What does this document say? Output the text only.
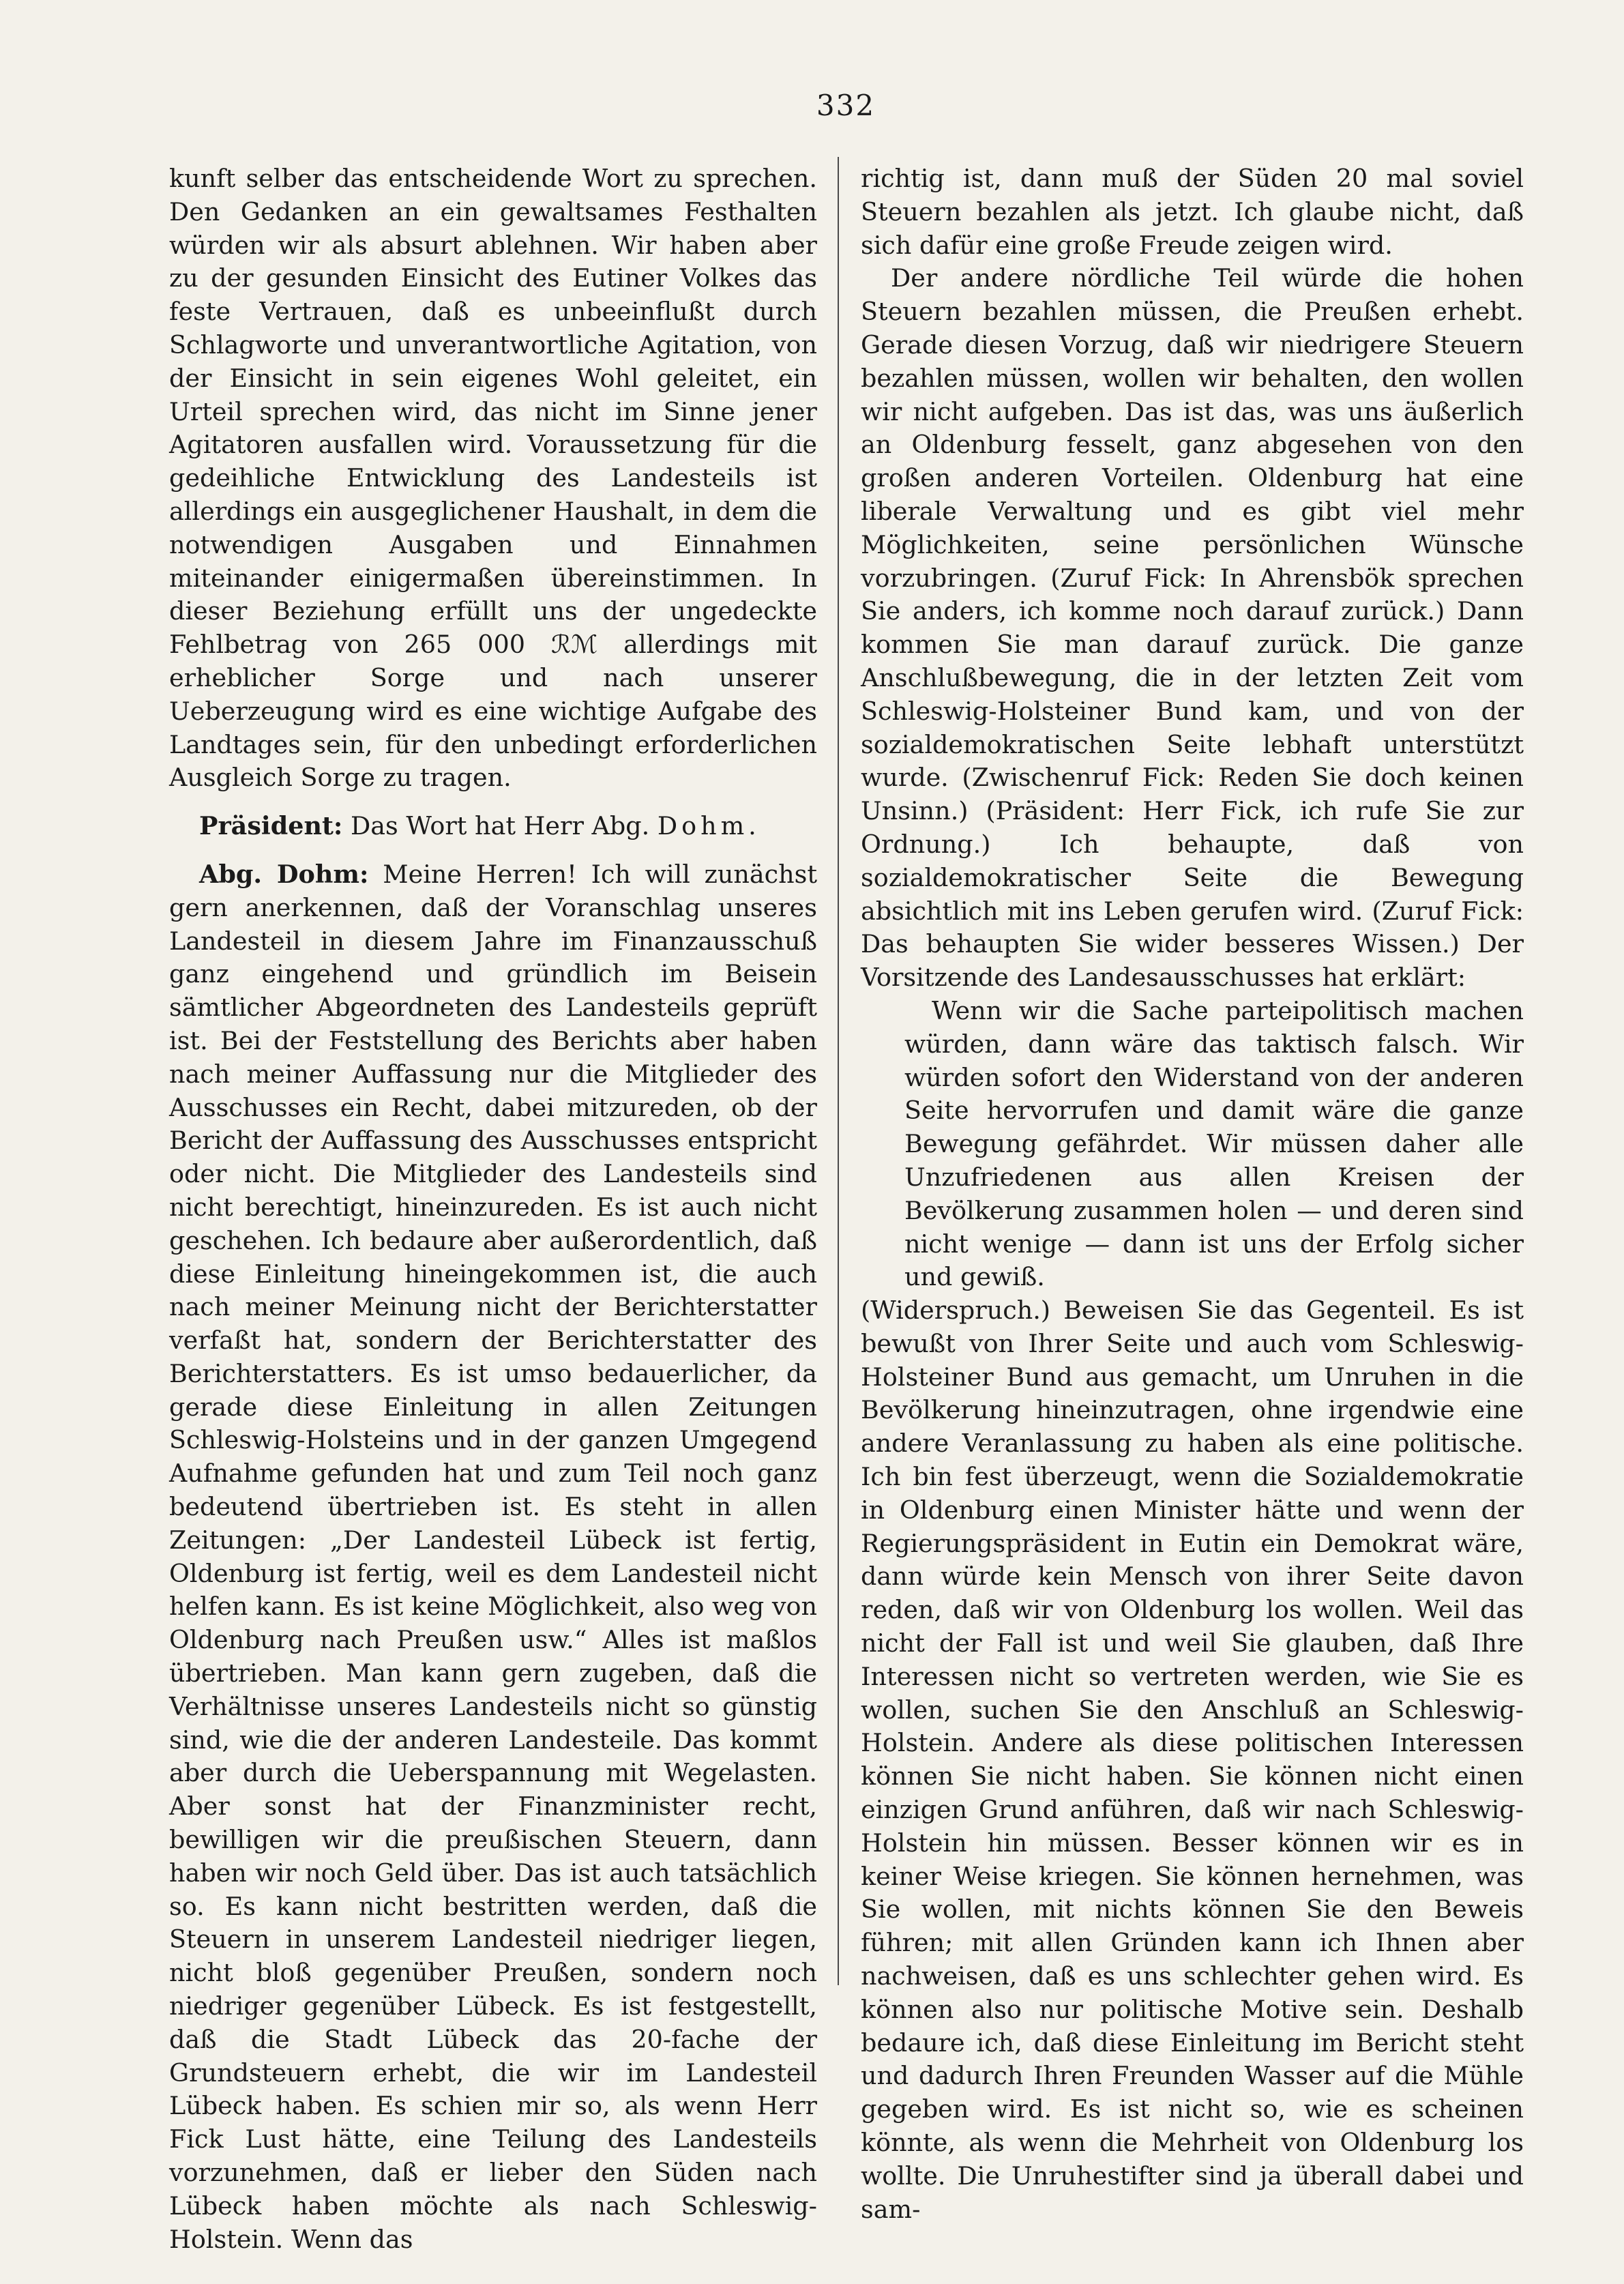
332

kunft selber das entscheidende Wort zu sprechen. Den Gedanken an ein gewaltsames Festhalten würden wir als absurt ablehnen. Wir haben aber zu der gesunden Einsicht des Eutiner Volkes das feste Vertrauen, daß es unbeeinflußt durch Schlagworte und unverantwortliche Agitation, von der Einsicht in sein eigenes Wohl geleitet, ein Urteil sprechen wird, das nicht im Sinne jener Agitatoren ausfallen wird. Voraussetzung für die gedeihliche Entwicklung des Landesteils ist allerdings ein ausgeglichener Haushalt, in dem die notwendigen Ausgaben und Einnahmen miteinander einigermaßen übereinstimmen. In dieser Beziehung erfüllt uns der ungedeckte Fehlbetrag von 265 000 ℛℳ allerdings mit erheblicher Sorge und nach unserer Ueberzeugung wird es eine wichtige Aufgabe des Landtages sein, für den unbedingt erforderlichen Ausgleich Sorge zu tragen.

Präsident: Das Wort hat Herr Abg. Dohm.

Abg. Dohm: Meine Herren! Ich will zunächst gern anerkennen, daß der Voranschlag unseres Landesteil in diesem Jahre im Finanzausschuß ganz eingehend und gründlich im Beisein sämtlicher Abgeordneten des Landesteils geprüft ist. Bei der Feststellung des Berichts aber haben nach meiner Auffassung nur die Mitglieder des Ausschusses ein Recht, dabei mitzureden, ob der Bericht der Auffassung des Ausschusses entspricht oder nicht. Die Mitglieder des Landesteils sind nicht berechtigt, hineinzureden. Es ist auch nicht geschehen. Ich bedaure aber außerordentlich, daß diese Einleitung hineingekommen ist, die auch nach meiner Meinung nicht der Berichterstatter verfaßt hat, sondern der Berichterstatter des Berichterstatters. Es ist umso bedauerlicher, da gerade diese Einleitung in allen Zeitungen Schleswig-Holsteins und in der ganzen Umgegend Aufnahme gefunden hat und zum Teil noch ganz bedeutend übertrieben ist. Es steht in allen Zeitungen: „Der Landesteil Lübeck ist fertig, Oldenburg ist fertig, weil es dem Landesteil nicht helfen kann. Es ist keine Möglichkeit, also weg von Oldenburg nach Preußen usw.“ Alles ist maßlos übertrieben. Man kann gern zugeben, daß die Verhältnisse unseres Landesteils nicht so günstig sind, wie die der anderen Landesteile. Das kommt aber durch die Ueberspannung mit Wegelasten. Aber sonst hat der Finanzminister recht, bewilligen wir die preußischen Steuern, dann haben wir noch Geld über. Das ist auch tatsächlich so. Es kann nicht bestritten werden, daß die Steuern in unserem Landesteil niedriger liegen, nicht bloß gegenüber Preußen, sondern noch niedriger gegenüber Lübeck. Es ist festgestellt, daß die Stadt Lübeck das 20-fache der Grundsteuern erhebt, die wir im Landesteil Lübeck haben. Es schien mir so, als wenn Herr Fick Lust hätte, eine Teilung des Landesteils vorzunehmen, daß er lieber den Süden nach Lübeck haben möchte als nach Schleswig-Holstein. Wenn das

richtig ist, dann muß der Süden 20 mal soviel Steuern bezahlen als jetzt. Ich glaube nicht, daß sich dafür eine große Freude zeigen wird.

Der andere nördliche Teil würde die hohen Steuern bezahlen müssen, die Preußen erhebt. Gerade diesen Vorzug, daß wir niedrigere Steuern bezahlen müssen, wollen wir behalten, den wollen wir nicht aufgeben. Das ist das, was uns äußerlich an Oldenburg fesselt, ganz abgesehen von den großen anderen Vorteilen. Oldenburg hat eine liberale Verwaltung und es gibt viel mehr Möglichkeiten, seine persönlichen Wünsche vorzubringen. (Zuruf Fick: In Ahrensbök sprechen Sie anders, ich komme noch darauf zurück.) Dann kommen Sie man darauf zurück. Die ganze Anschlußbewegung, die in der letzten Zeit vom Schleswig-Holsteiner Bund kam, und von der sozialdemokratischen Seite lebhaft unterstützt wurde. (Zwischenruf Fick: Reden Sie doch keinen Unsinn.) (Präsident: Herr Fick, ich rufe Sie zur Ordnung.) Ich behaupte, daß von sozialdemokratischer Seite die Bewegung absichtlich mit ins Leben gerufen wird. (Zuruf Fick: Das behaupten Sie wider besseres Wissen.) Der Vorsitzende des Landesausschusses hat erklärt:

Wenn wir die Sache parteipolitisch machen würden, dann wäre das taktisch falsch. Wir würden sofort den Widerstand von der anderen Seite hervorrufen und damit wäre die ganze Bewegung gefährdet. Wir müssen daher alle Unzufriedenen aus allen Kreisen der Bevölkerung zusammen holen — und deren sind nicht wenige — dann ist uns der Erfolg sicher und gewiß.

(Widerspruch.) Beweisen Sie das Gegenteil. Es ist bewußt von Ihrer Seite und auch vom Schleswig-Holsteiner Bund aus gemacht, um Unruhen in die Bevölkerung hineinzutragen, ohne irgendwie eine andere Veranlassung zu haben als eine politische. Ich bin fest überzeugt, wenn die Sozialdemokratie in Oldenburg einen Minister hätte und wenn der Regierungspräsident in Eutin ein Demokrat wäre, dann würde kein Mensch von ihrer Seite davon reden, daß wir von Oldenburg los wollen. Weil das nicht der Fall ist und weil Sie glauben, daß Ihre Interessen nicht so vertreten werden, wie Sie es wollen, suchen Sie den Anschluß an Schleswig-Holstein. Andere als diese politischen Interessen können Sie nicht haben. Sie können nicht einen einzigen Grund anführen, daß wir nach Schleswig-Holstein hin müssen. Besser können wir es in keiner Weise kriegen. Sie können hernehmen, was Sie wollen, mit nichts können Sie den Beweis führen; mit allen Gründen kann ich Ihnen aber nachweisen, daß es uns schlechter gehen wird. Es können also nur politische Motive sein. Deshalb bedaure ich, daß diese Einleitung im Bericht steht und dadurch Ihren Freunden Wasser auf die Mühle gegeben wird. Es ist nicht so, wie es scheinen könnte, als wenn die Mehrheit von Oldenburg los wollte. Die Unruhestifter sind ja überall dabei und sam-
